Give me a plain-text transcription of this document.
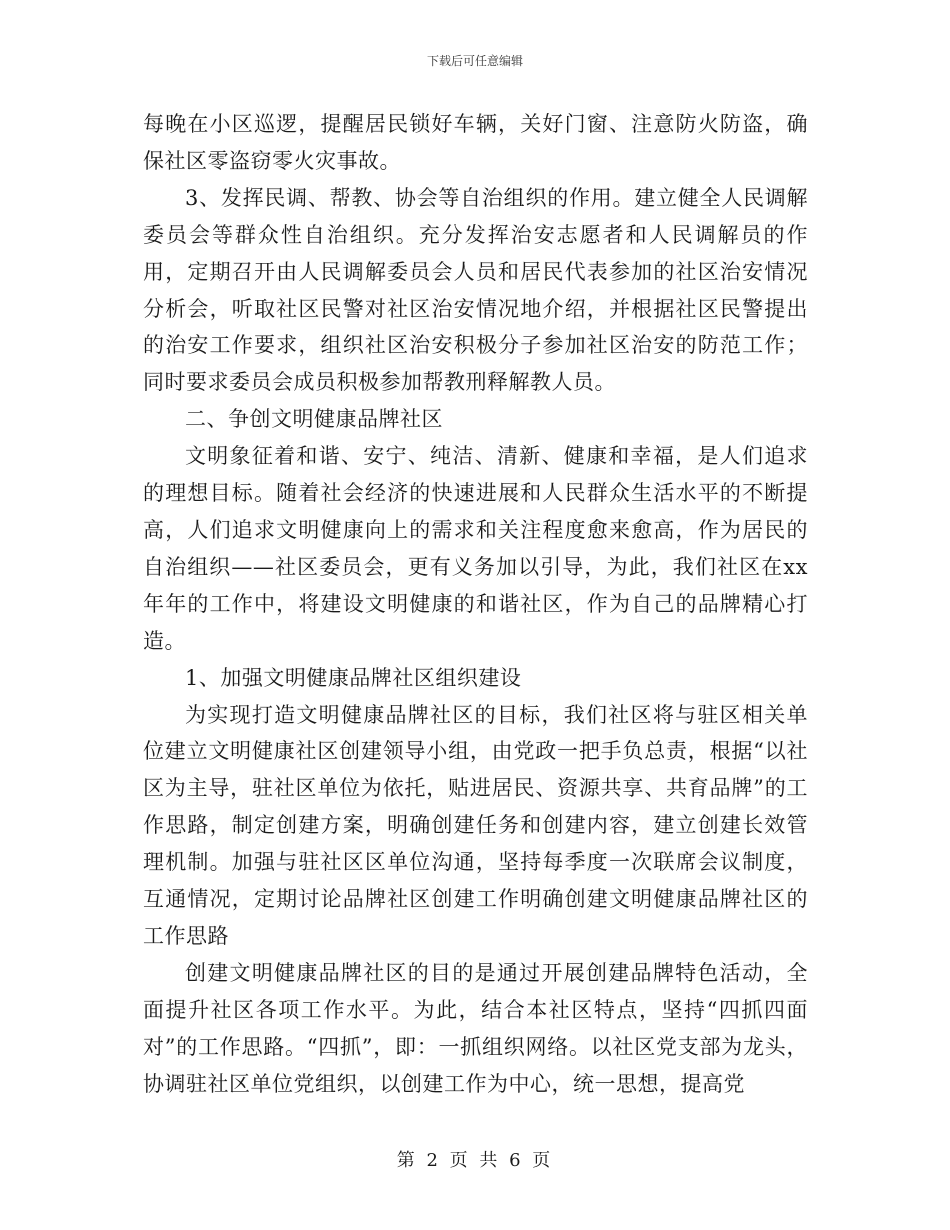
下载后可任意编辑

每晚在小区巡逻，提醒居民锁好车辆，关好门窗、注意防火防盗，确保社区零盗窃零火灾事故。

3、发挥民调、帮教、协会等自治组织的作用。建立健全人民调解委员会等群众性自治组织。充分发挥治安志愿者和人民调解员的作用，定期召开由人民调解委员会人员和居民代表参加的社区治安情况分析会，听取社区民警对社区治安情况地介绍，并根据社区民警提出的治安工作要求，组织社区治安积极分子参加社区治安的防范工作；同时要求委员会成员积极参加帮教刑释解教人员。

二、争创文明健康品牌社区

文明象征着和谐、安宁、纯洁、清新、健康和幸福，是人们追求的理想目标。随着社会经济的快速进展和人民群众生活水平的不断提高，人们追求文明健康向上的需求和关注程度愈来愈高，作为居民的自治组织——社区委员会，更有义务加以引导，为此，我们社区在xx年年的工作中，将建设文明健康的和谐社区，作为自己的品牌精心打造。

1、加强文明健康品牌社区组织建设

为实现打造文明健康品牌社区的目标，我们社区将与驻区相关单位建立文明健康社区创建领导小组，由党政一把手负总责，根据“以社区为主导，驻社区单位为依托，贴进居民、资源共享、共育品牌”的工作思路，制定创建方案，明确创建任务和创建内容，建立创建长效管理机制。加强与驻社区区单位沟通，坚持每季度一次联席会议制度，互通情况，定期讨论品牌社区创建工作明确创建文明健康品牌社区的工作思路

创建文明健康品牌社区的目的是通过开展创建品牌特色活动，全面提升社区各项工作水平。为此，结合本社区特点，坚持“四抓四面对”的工作思路。“四抓”，即：一抓组织网络。以社区党支部为龙头，协调驻社区单位党组织，以创建工作为中心，统一思想，提高党

第 2 页 共 6 页
